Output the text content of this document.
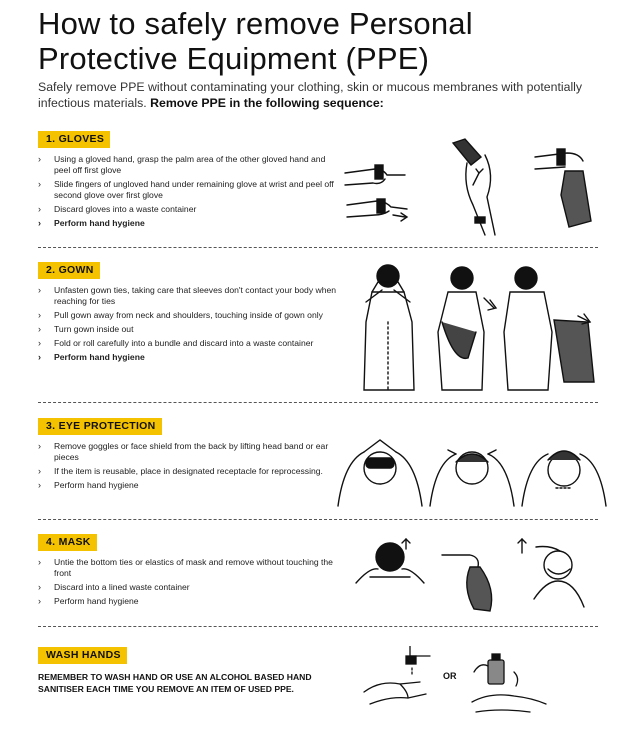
How to safely remove Personal
Protective Equipment (PPE)
Safely remove PPE without contaminating your clothing, skin or mucous membranes with potentially infectious materials. Remove PPE in the following sequence:
1. GLOVES
› Using a gloved hand, grasp the palm area of the other gloved hand and peel off first glove
› Slide fingers of ungloved hand under remaining glove at wrist and peel off second glove over first glove
› Discard gloves into a waste container
› Perform hand hygiene
2. GOWN
› Unfasten gown ties, taking care that sleeves don't contact your body when reaching for ties
› Pull gown away from neck and shoulders, touching inside of gown only
› Turn gown inside out
› Fold or roll carefully into a bundle and discard into a waste container
› Perform hand hygiene
3. EYE PROTECTION
› Remove goggles or face shield from the back by lifting head band or ear pieces
› If the item is reusable, place in designated receptacle for reprocessing.
› Perform hand hygiene
4. MASK
› Untie the bottom ties or elastics of mask and remove without touching the front
› Discard into a lined waste container
› Perform hand hygiene
WASH HANDS
REMEMBER TO WASH HAND OR USE AN ALCOHOL BASED HAND SANITISER EACH TIME YOU REMOVE AN ITEM OF USED PPE.
OR
